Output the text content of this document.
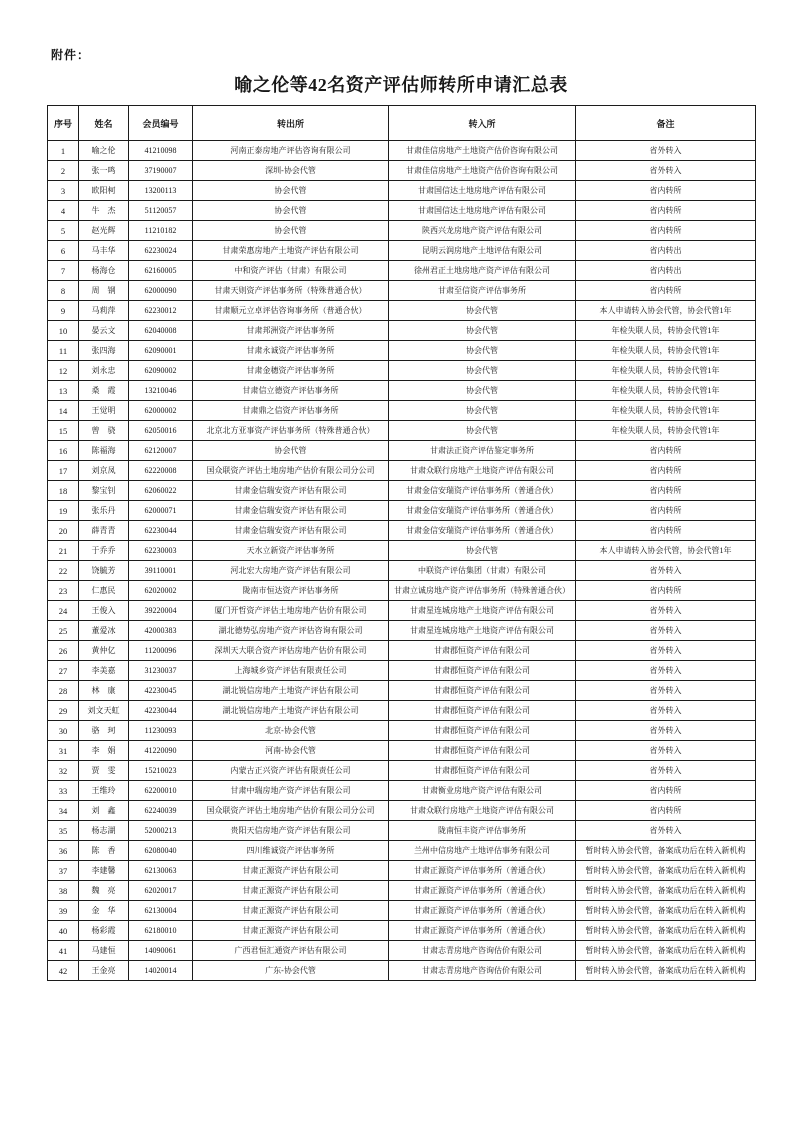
附件：
喻之伦等42名资产评估师转所申请汇总表
序号	姓名	会员编号	转出所	转入所	备注
1	喻之伦	41210098	河南正泰房地产评估咨询有限公司	甘肃佳信房地产土地资产估价咨询有限公司	省外转入
2	张一鸣	37190007	深圳-协会代管	甘肃佳信房地产土地资产估价咨询有限公司	省外转入
3	欧阳柯	13200113	协会代管	甘肃国信达土地房地产评估有限公司	省内转所
4	牛　杰	51120057	协会代管	甘肃国信达土地房地产评估有限公司	省内转所
5	赵光辉	11210182	协会代管	陕西兴龙房地产资产评估有限公司	省内转所
6	马丰华	62230024	甘肃荣惠房地产土地资产评估有限公司	昆明云润房地产土地评估有限公司	省内转出
7	杨海仓	62160005	中和资产评估（甘肃）有限公司	徐州君正土地房地产资产评估有限公司	省内转出
8	周　钢	62000090	甘肃天则资产评估事务所（特殊普通合伙）	甘肃至信资产评估事务所	省内转所
9	马莉萍	62230012	甘肃顺元立卓评估咨询事务所（普通合伙）	协会代管	本人申请转入协会代管，协会代管1年
10	晏云文	62040008	甘肃邦洲资产评估事务所	协会代管	年检失联人员，转协会代管1年
11	张四海	62090001	甘肃永诚资产评估事务所	协会代管	年检失联人员，转协会代管1年
12	刘永忠	62090002	甘肃金穗资产评估事务所	协会代管	年检失联人员，转协会代管1年
13	桑　霞	13210046	甘肃信立德资产评估事务所	协会代管	年检失联人员，转协会代管1年
14	王觉明	62000002	甘肃鼎之信资产评估事务所	协会代管	年检失联人员，转协会代管1年
15	曾　骁	62050016	北京北方亚事资产评估事务所（特殊普通合伙）	协会代管	年检失联人员，转协会代管1年
16	陈福海	62120007	协会代管	甘肃法正资产评估鉴定事务所	省内转所
17	刘京凤	62220008	国众联资产评估土地房地产估价有限公司分公司	甘肃众联行房地产土地资产评估有限公司	省内转所
18	黎宝钊	62060022	甘肃金信瑞安资产评估有限公司	甘肃金信安瑞资产评估事务所（普通合伙）	省内转所
19	张乐丹	62000071	甘肃金信瑞安资产评估有限公司	甘肃金信安瑞资产评估事务所（普通合伙）	省内转所
20	薛青青	62230044	甘肃金信瑞安资产评估有限公司	甘肃金信安瑞资产评估事务所（普通合伙）	省内转所
21	于乔乔	62230003	天水立新资产评估事务所	协会代管	本人申请转入协会代管，协会代管1年
22	饶毓芳	39110001	河北宏大房地产资产评估有限公司	中联资产评估集团（甘肃）有限公司	省外转入
23	仁惠民	62020002	陇南市恒达资产评估事务所	甘肃立诚房地产资产评估事务所（特殊普通合伙）	省内转所
24	王俊入	39220004	厦门开哲资产评估土地房地产估价有限公司	甘肃星连城房地产土地资产评估有限公司	省外转入
25	董爱冰	42000383	湖北德势弘房地产资产评估咨询有限公司	甘肃星连城房地产土地资产评估有限公司	省外转入
26	黄仲亿	11200096	深圳天大联合资产评估房地产估价有限公司	甘肃郡恒资产评估有限公司	省外转入
27	李美嘉	31230037	上海城乡资产评估有限责任公司	甘肃郡恒资产评估有限公司	省外转入
28	林　康	42230045	湖北锐信房地产土地资产评估有限公司	甘肃郡恒资产评估有限公司	省外转入
29	刘文天虹	42230044	湖北锐信房地产土地资产评估有限公司	甘肃郡恒资产评估有限公司	省外转入
30	骆　珂	11230093	北京-协会代管	甘肃郡恒资产评估有限公司	省外转入
31	李　娟	41220090	河南-协会代管	甘肃郡恒资产评估有限公司	省外转入
32	贾　雯	15210023	内蒙古正兴资产评估有限责任公司	甘肃郡恒资产评估有限公司	省外转入
33	王维玲	62200010	甘肃中瑞房地产资产评估有限公司	甘肃衡业房地产资产评估有限公司	省内转所
34	刘　鑫	62240039	国众联资产评估土地房地产估价有限公司分公司	甘肃众联行房地产土地资产评估有限公司	省内转所
35	杨志湖	52000213	贵阳天信房地产资产评估有限公司	陇南恒丰资产评估事务所	省外转入
36	陈　香	62080040	四川维诚资产评估事务所	兰州中信房地产土地评估事务有限公司	暂时转入协会代管，备案成功后在转入新机构
37	李建馨	62130063	甘肃正源资产评估有限公司	甘肃正源资产评估事务所（普通合伙）	暂时转入协会代管，备案成功后在转入新机构
38	魏　亮	62020017	甘肃正源资产评估有限公司	甘肃正源资产评估事务所（普通合伙）	暂时转入协会代管，备案成功后在转入新机构
39	金　华	62130004	甘肃正源资产评估有限公司	甘肃正源资产评估事务所（普通合伙）	暂时转入协会代管，备案成功后在转入新机构
40	杨彩霞	62180010	甘肃正源资产评估有限公司	甘肃正源资产评估事务所（普通合伙）	暂时转入协会代管，备案成功后在转入新机构
41	马建恒	14090061	广西君恒汇通资产评估有限公司	甘肃志青房地产咨询估价有限公司	暂时转入协会代管，备案成功后在转入新机构
42	王金亮	14020014	广东-协会代管	甘肃志青房地产咨询估价有限公司	暂时转入协会代管，备案成功后在转入新机构
